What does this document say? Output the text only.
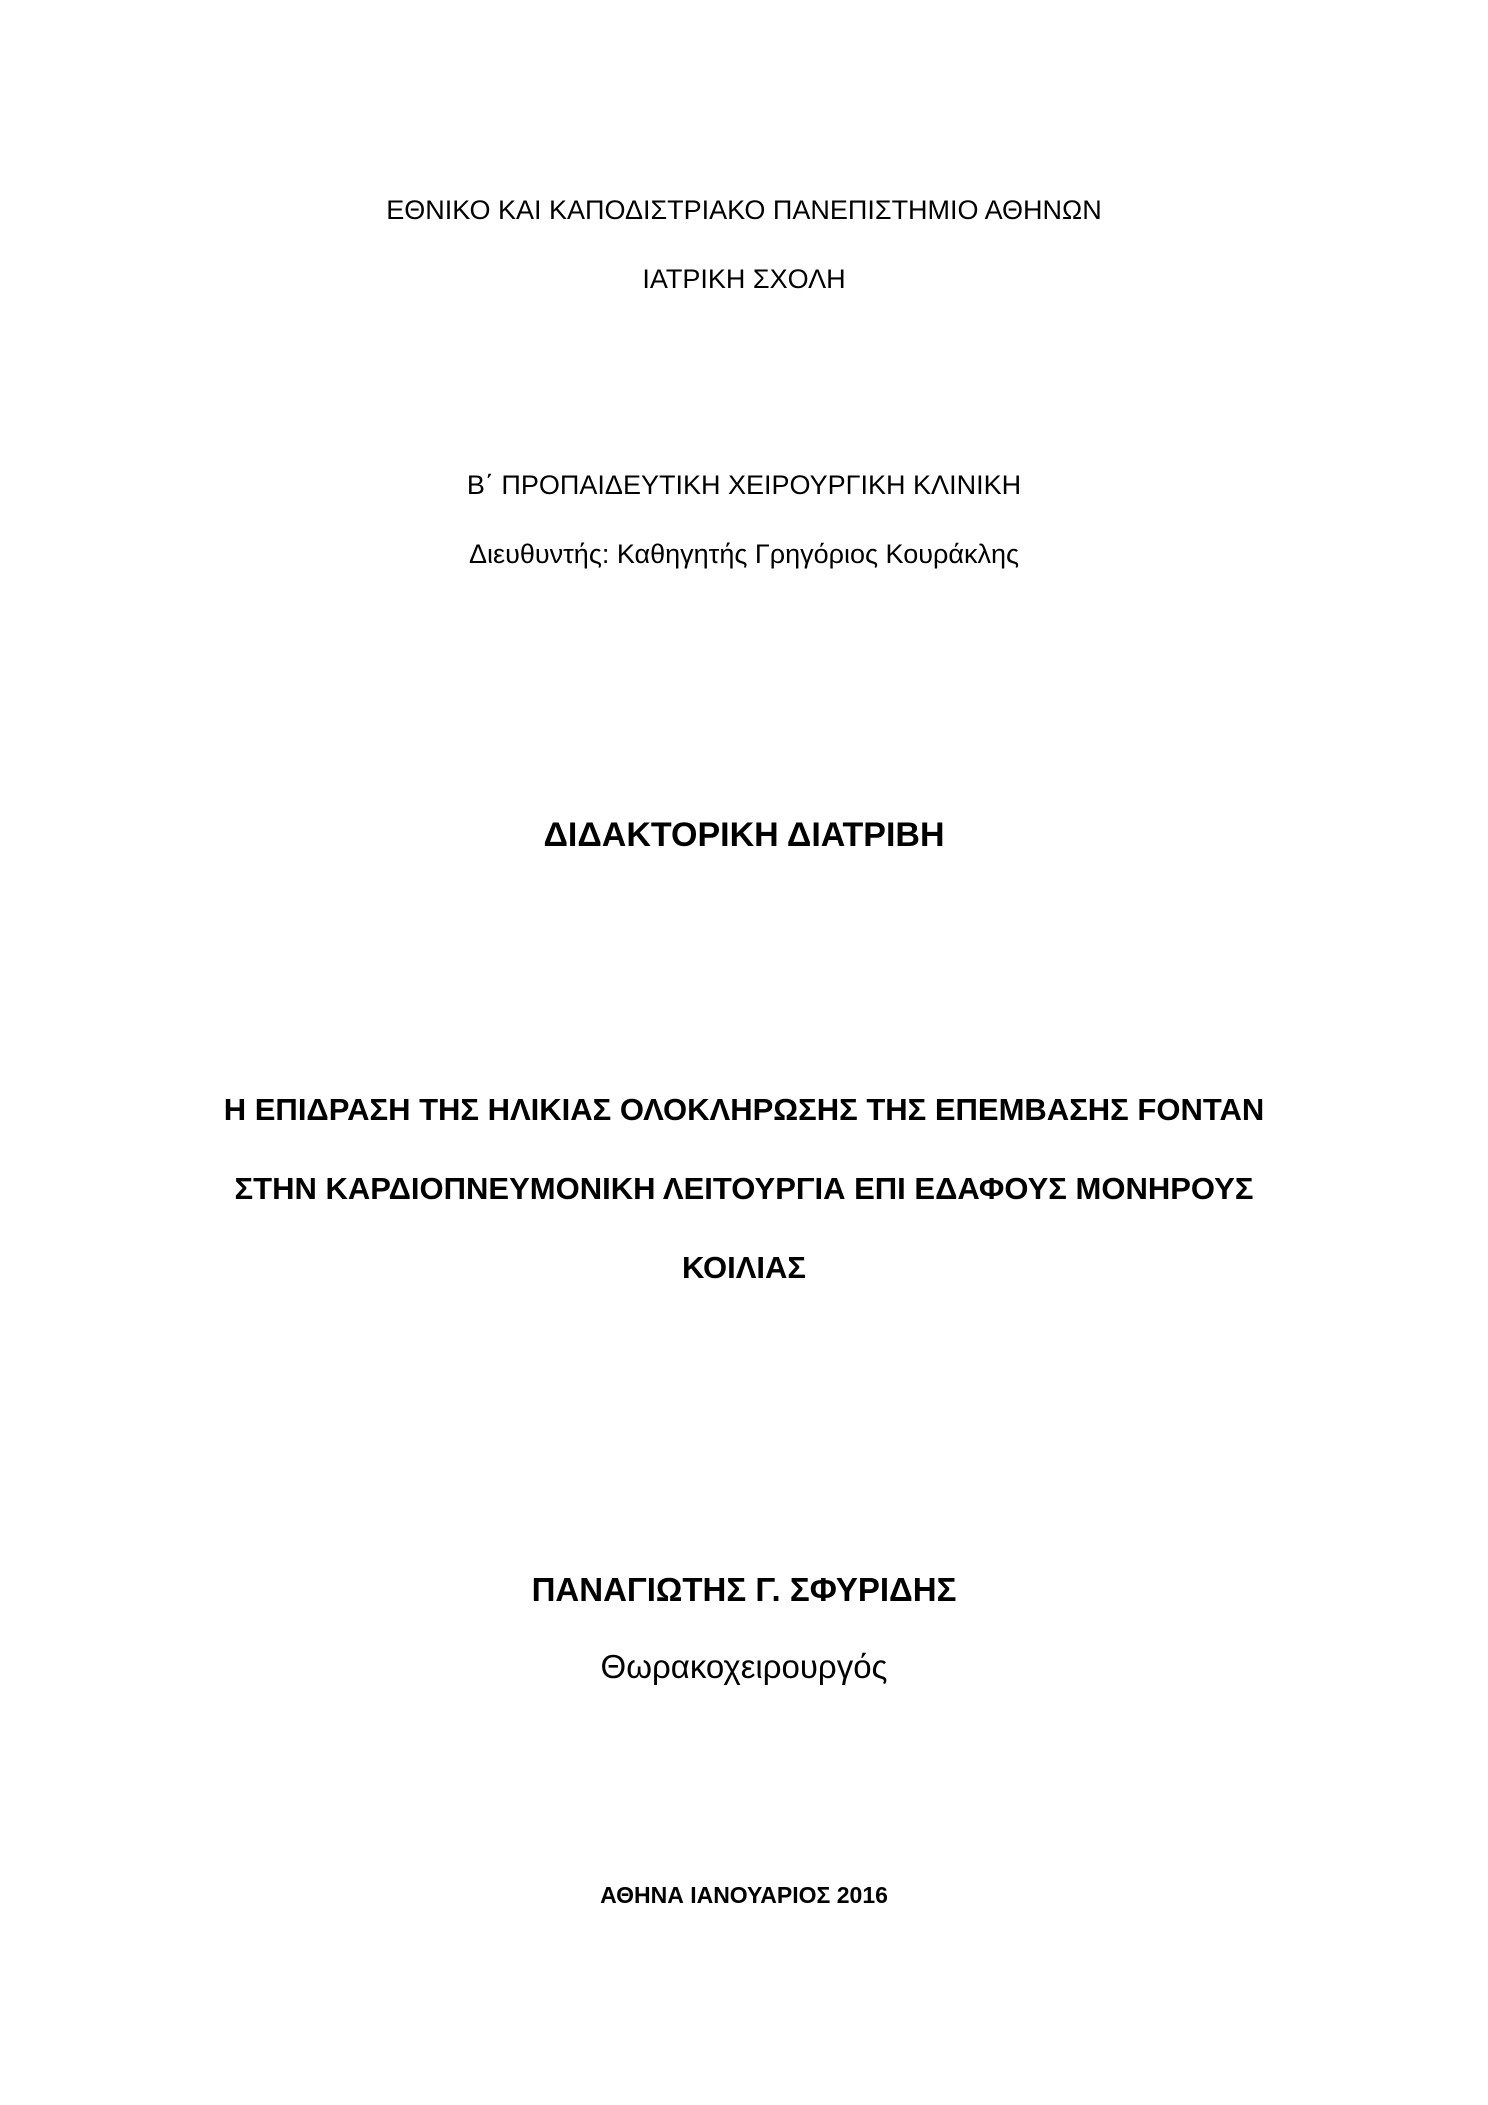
ΕΘΝΙΚΟ ΚΑΙ ΚΑΠΟΔΙΣΤΡΙΑΚΟ ΠΑΝΕΠΙΣΤΗΜΙΟ ΑΘΗΝΩΝ
ΙΑΤΡΙΚΗ ΣΧΟΛΗ
Β΄ ΠΡΟΠΑΙΔΕΥΤΙΚΗ ΧΕΙΡΟΥΡΓΙΚΗ ΚΛΙΝΙΚΗ
Διευθυντής: Καθηγητής Γρηγόριος Κουράκλης
ΔΙΔΑΚΤΟΡΙΚΗ ΔΙΑΤΡΙΒΗ
Η ΕΠΙΔΡΑΣΗ ΤΗΣ ΗΛΙΚΙΑΣ ΟΛΟΚΛΗΡΩΣΗΣ ΤΗΣ ΕΠΕΜΒΑΣΗΣ FONTAN
ΣΤΗΝ ΚΑΡΔΙΟΠΝΕΥΜΟΝΙΚΗ ΛΕΙΤΟΥΡΓΙΑ ΕΠΙ ΕΔΑΦΟΥΣ ΜΟΝΗΡΟΥΣ
ΚΟΙΛΙΑΣ
ΠΑΝΑΓΙΩΤΗΣ Γ. ΣΦΥΡΙΔΗΣ
Θωρακοχειρουργός
ΑΘΗΝΑ ΙΑΝΟΥΑΡΙΟΣ 2016
